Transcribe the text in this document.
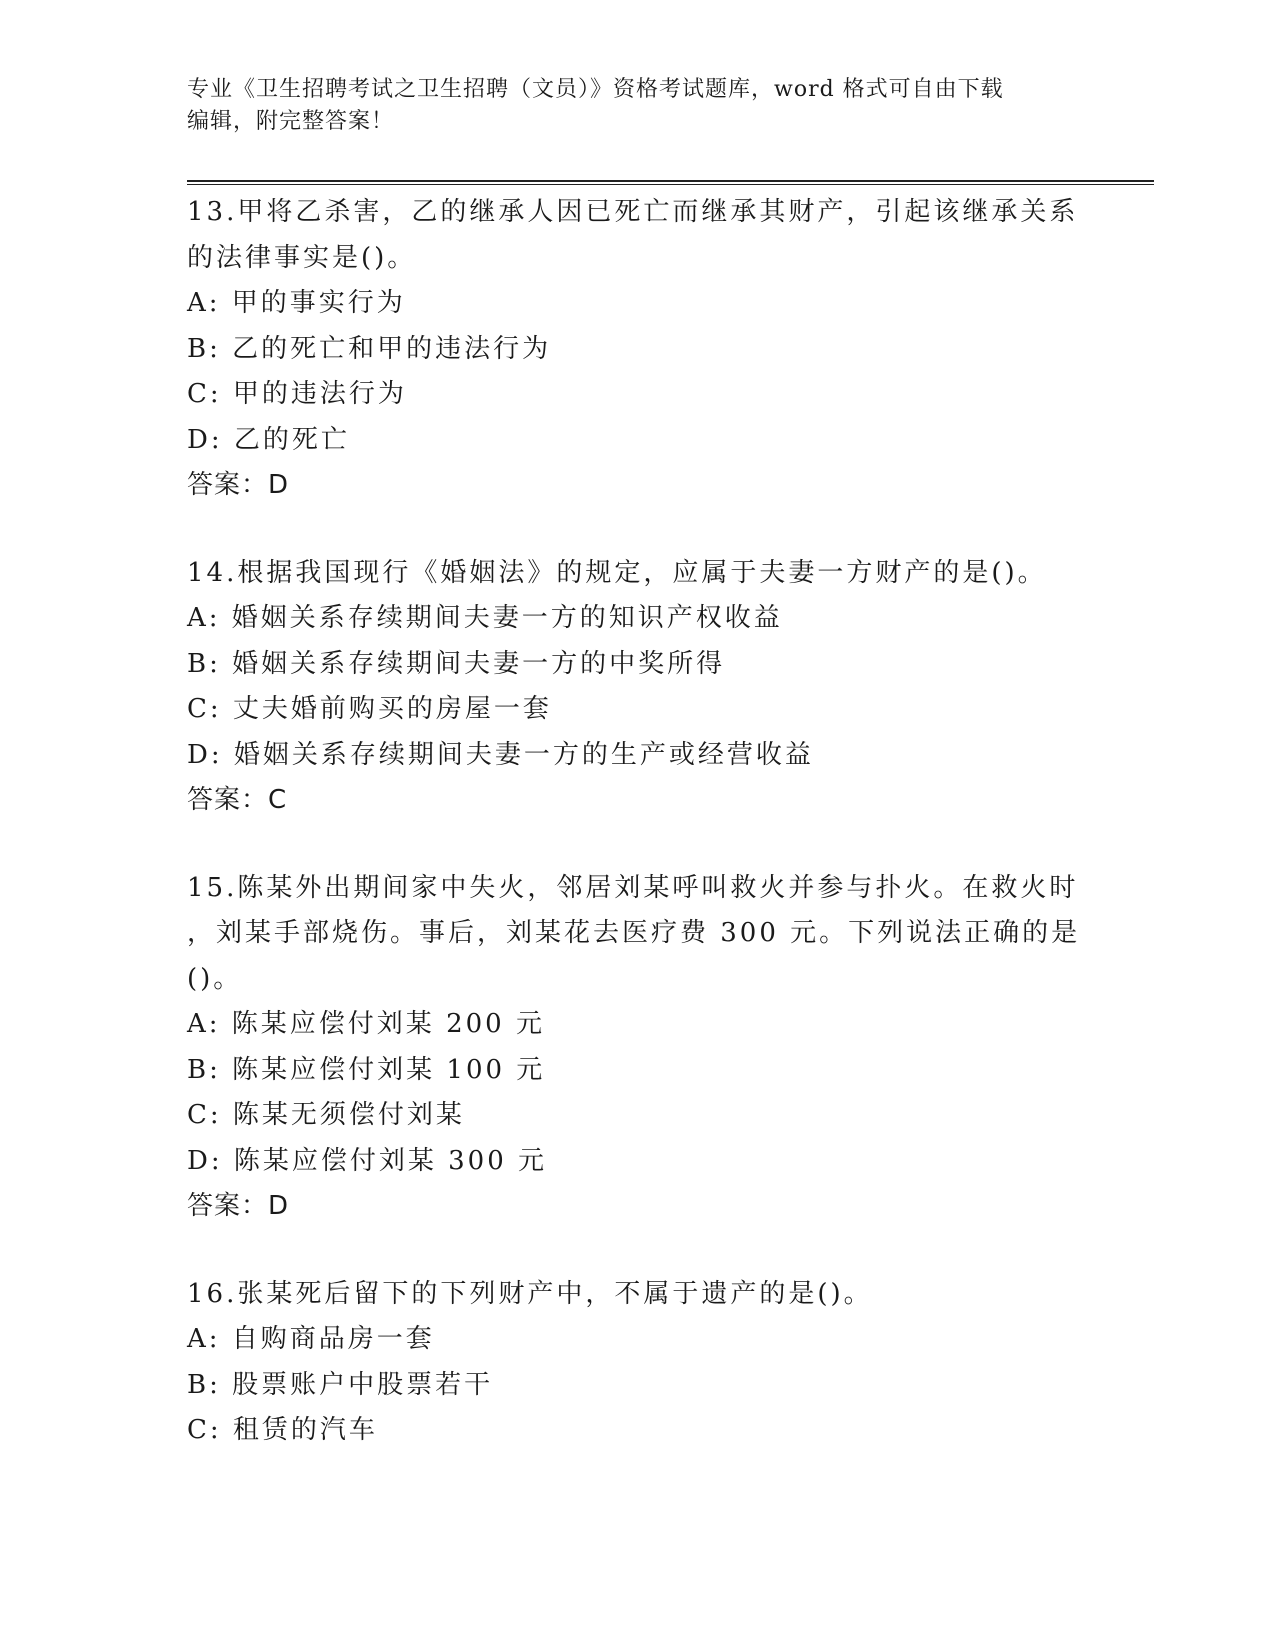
专业《卫生招聘考试之卫生招聘（文员）》资格考试题库，word 格式可自由下载
编辑，附完整答案！
13.甲将乙杀害，乙的继承人因已死亡而继承其财产，引起该继承关系
的法律事实是()。
A: 甲的事实行为
B: 乙的死亡和甲的违法行为
C: 甲的违法行为
D: 乙的死亡
答案：D
14.根据我国现行《婚姻法》的规定，应属于夫妻一方财产的是()。
A: 婚姻关系存续期间夫妻一方的知识产权收益
B: 婚姻关系存续期间夫妻一方的中奖所得
C: 丈夫婚前购买的房屋一套
D: 婚姻关系存续期间夫妻一方的生产或经营收益
答案：C
15.陈某外出期间家中失火，邻居刘某呼叫救火并参与扑火。在救火时
，刘某手部烧伤。事后，刘某花去医疗费 300 元。下列说法正确的是
()。
A: 陈某应偿付刘某 200 元
B: 陈某应偿付刘某 100 元
C: 陈某无须偿付刘某
D: 陈某应偿付刘某 300 元
答案：D
16.张某死后留下的下列财产中，不属于遗产的是()。
A: 自购商品房一套
B: 股票账户中股票若干
C: 租赁的汽车
